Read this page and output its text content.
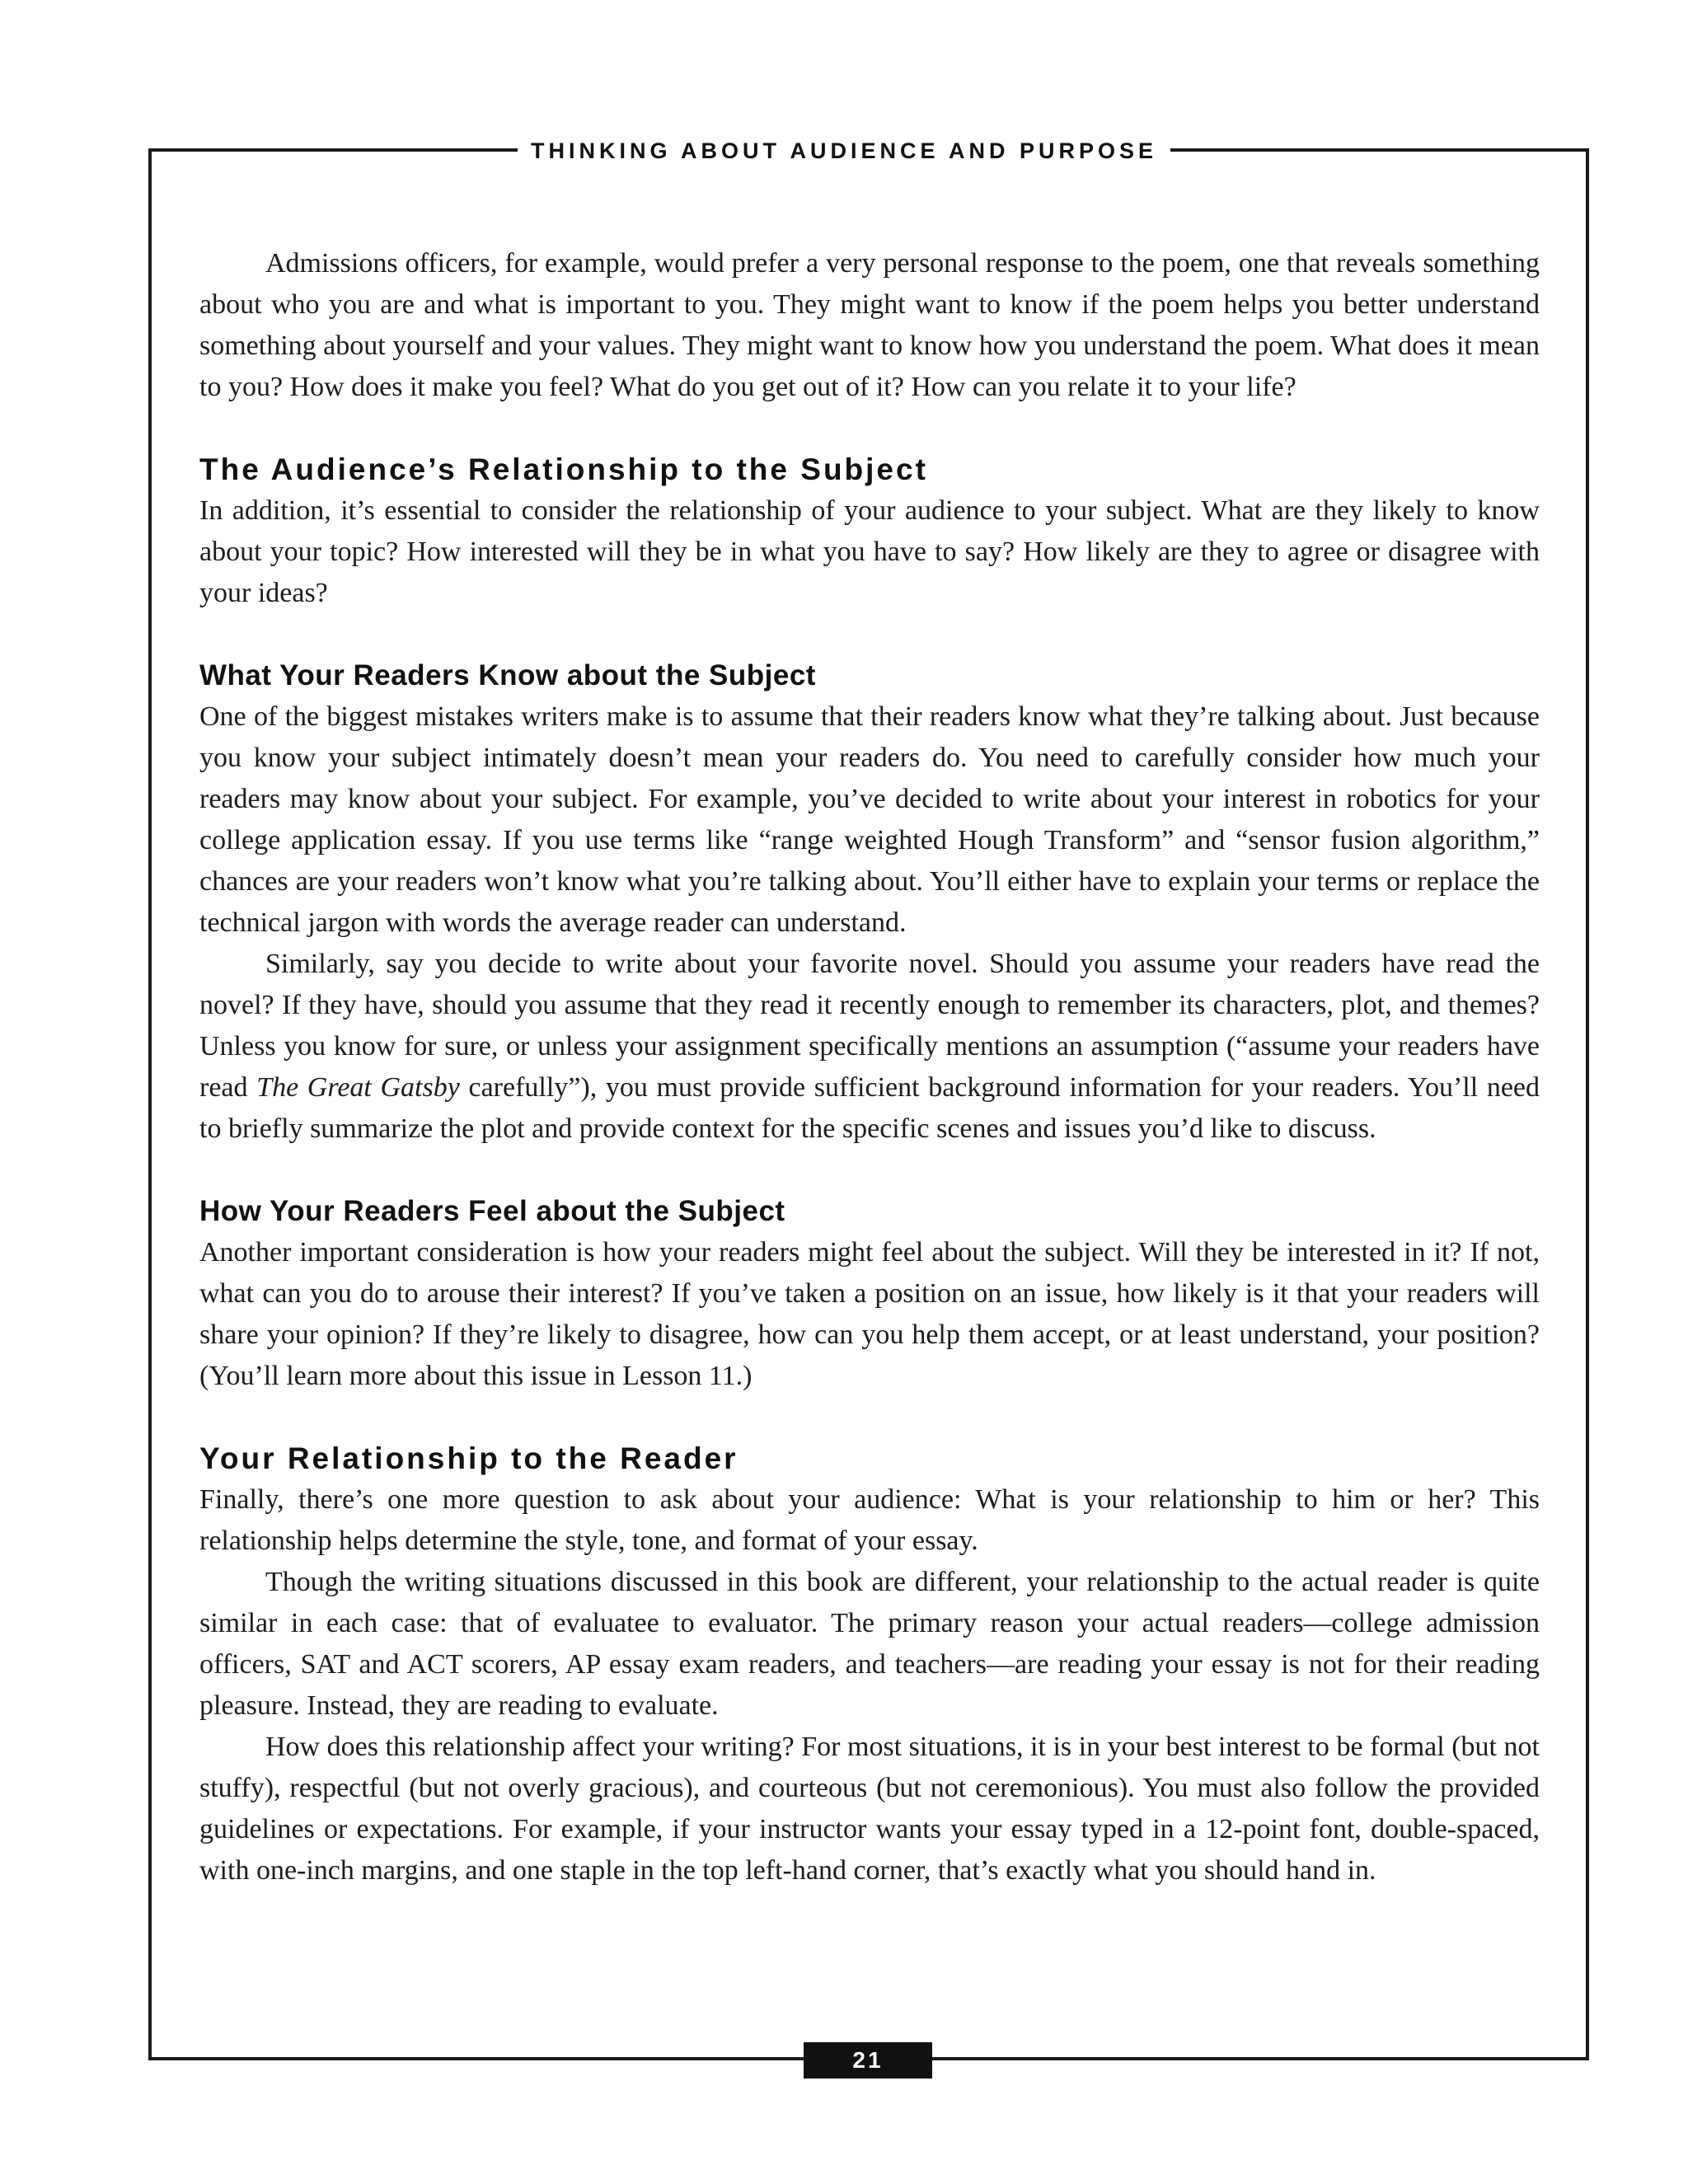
THINKING ABOUT AUDIENCE AND PURPOSE

Admissions officers, for example, would prefer a very personal response to the poem, one that reveals something about who you are and what is important to you. They might want to know if the poem helps you better understand something about yourself and your values. They might want to know how you understand the poem. What does it mean to you? How does it make you feel? What do you get out of it? How can you relate it to your life?

The Audience’s Relationship to the Subject

In addition, it’s essential to consider the relationship of your audience to your subject. What are they likely to know about your topic? How interested will they be in what you have to say? How likely are they to agree or disagree with your ideas?

What Your Readers Know about the Subject

One of the biggest mistakes writers make is to assume that their readers know what they’re talking about. Just because you know your subject intimately doesn’t mean your readers do. You need to carefully consider how much your readers may know about your subject. For example, you’ve decided to write about your interest in robotics for your college application essay. If you use terms like “range weighted Hough Transform” and “sensor fusion algorithm,” chances are your readers won’t know what you’re talking about. You’ll either have to explain your terms or replace the technical jargon with words the average reader can understand.

Similarly, say you decide to write about your favorite novel. Should you assume your readers have read the novel? If they have, should you assume that they read it recently enough to remember its characters, plot, and themes? Unless you know for sure, or unless your assignment specifically mentions an assumption (“assume your readers have read The Great Gatsby carefully”), you must provide sufficient background information for your readers. You’ll need to briefly summarize the plot and provide context for the specific scenes and issues you’d like to discuss.

How Your Readers Feel about the Subject

Another important consideration is how your readers might feel about the subject. Will they be interested in it? If not, what can you do to arouse their interest? If you’ve taken a position on an issue, how likely is it that your readers will share your opinion? If they’re likely to disagree, how can you help them accept, or at least understand, your position? (You’ll learn more about this issue in Lesson 11.)

Your Relationship to the Reader

Finally, there’s one more question to ask about your audience: What is your relationship to him or her? This relationship helps determine the style, tone, and format of your essay.

Though the writing situations discussed in this book are different, your relationship to the actual reader is quite similar in each case: that of evaluatee to evaluator. The primary reason your actual readers—college admission officers, SAT and ACT scorers, AP essay exam readers, and teachers—are reading your essay is not for their reading pleasure. Instead, they are reading to evaluate.

How does this relationship affect your writing? For most situations, it is in your best interest to be formal (but not stuffy), respectful (but not overly gracious), and courteous (but not ceremonious). You must also follow the provided guidelines or expectations. For example, if your instructor wants your essay typed in a 12-point font, double-spaced, with one-inch margins, and one staple in the top left-hand corner, that’s exactly what you should hand in.

21
